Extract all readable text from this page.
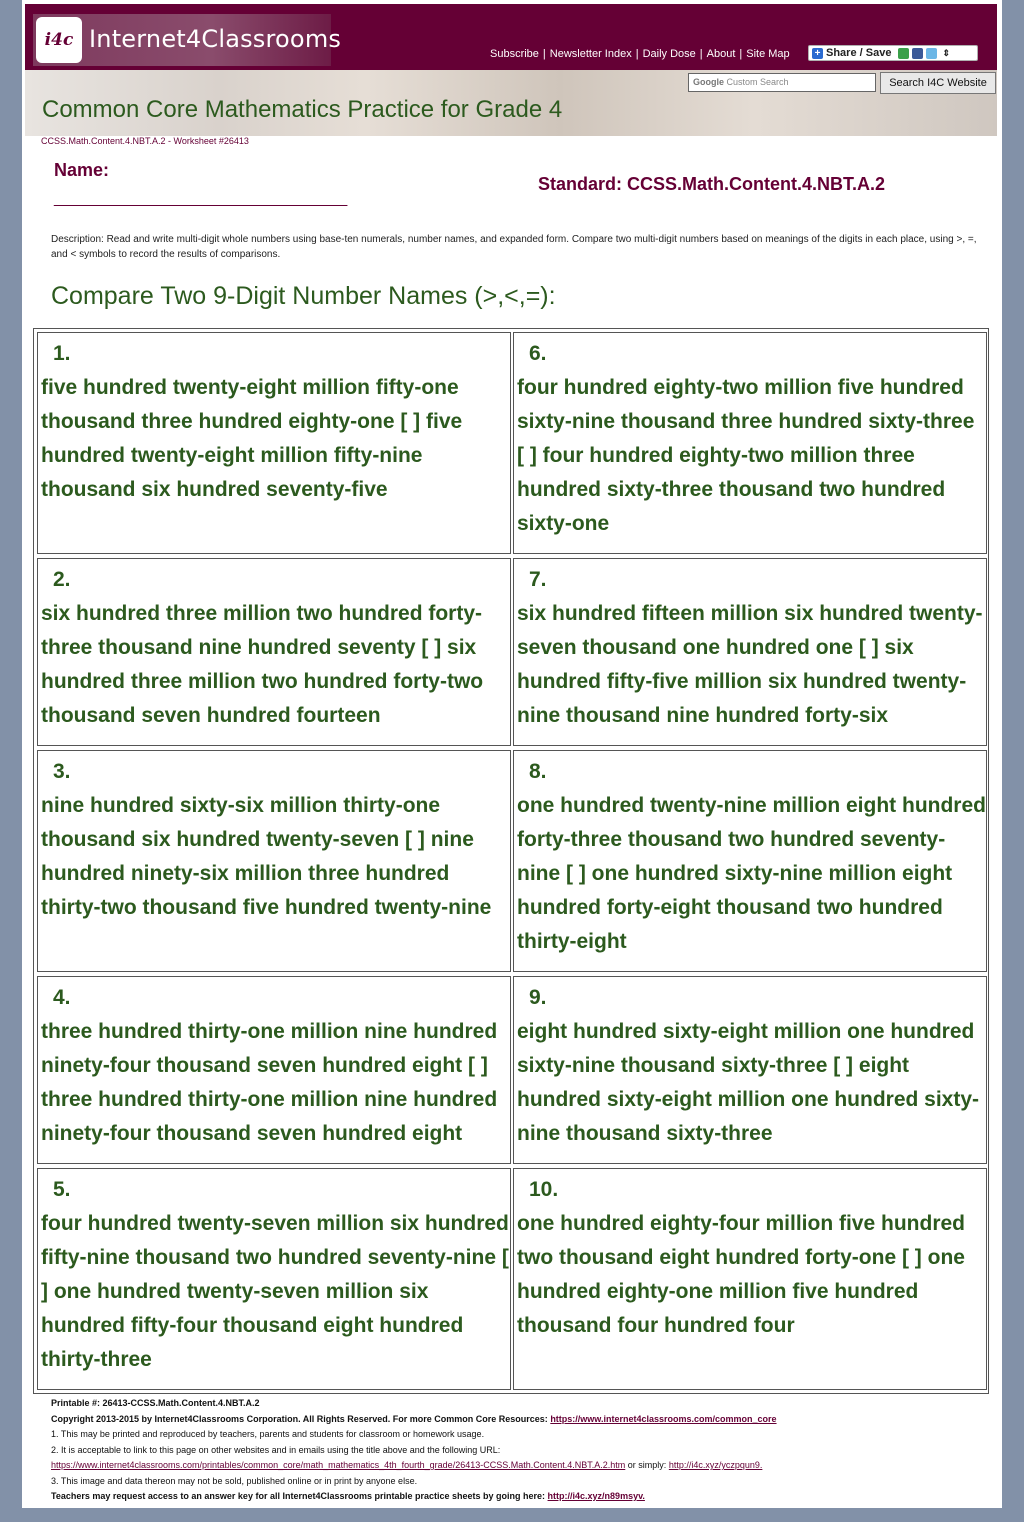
i4c Internet4Classrooms
Subscribe | Newsletter Index | Daily Dose | About | Site Map + Share / Save	⇕
Google Custom Search	Search I4C Website
Common Core Mathematics Practice for Grade 4
CCSS.Math.Content.4.NBT.A.2 - Worksheet #26413
Name:
_____________________________________
Standard: CCSS.Math.Content.4.NBT.A.2
Description: Read and write multi-digit whole numbers using base-ten numerals, number names, and expanded form. Compare two multi-digit numbers based on meanings of the digits in each place, using >, =, and < symbols to record the results of comparisons.
Compare Two 9-Digit Number Names (>,<,=):
1.
five hundred twenty-eight million fifty-one thousand three hundred eighty-one [ ] five hundred twenty-eight million fifty-nine thousand six hundred seventy-five
6.
four hundred eighty-two million five hundred sixty-nine thousand three hundred sixty-three [ ] four hundred eighty-two million three hundred sixty-three thousand two hundred sixty-one
2.
six hundred three million two hundred forty-three thousand nine hundred seventy [ ] six hundred three million two hundred forty-two thousand seven hundred fourteen
7.
six hundred fifteen million six hundred twenty-seven thousand one hundred one [ ] six hundred fifty-five million six hundred twenty-nine thousand nine hundred forty-six
3.
nine hundred sixty-six million thirty-one thousand six hundred twenty-seven [ ] nine hundred ninety-six million three hundred thirty-two thousand five hundred twenty-nine
8.
one hundred twenty-nine million eight hundred forty-three thousand two hundred seventy-nine [ ] one hundred sixty-nine million eight hundred forty-eight thousand two hundred thirty-eight
4.
three hundred thirty-one million nine hundred ninety-four thousand seven hundred eight [ ] three hundred thirty-one million nine hundred ninety-four thousand seven hundred eight
9.
eight hundred sixty-eight million one hundred sixty-nine thousand sixty-three [ ] eight hundred sixty-eight million one hundred sixty-nine thousand sixty-three
5.
four hundred twenty-seven million six hundred fifty-nine thousand two hundred seventy-nine [ ] one hundred twenty-seven million six hundred fifty-four thousand eight hundred thirty-three
10.
one hundred eighty-four million five hundred two thousand eight hundred forty-one [ ] one hundred eighty-one million five hundred thousand four hundred four
Printable #: 26413-CCSS.Math.Content.4.NBT.A.2
Copyright 2013-2015 by Internet4Classrooms Corporation. All Rights Reserved. For more Common Core Resources: https://www.internet4classrooms.com/common_core
1. This may be printed and reproduced by teachers, parents and students for classroom or homework usage.
2. It is acceptable to link to this page on other websites and in emails using the title above and the following URL:
https://www.internet4classrooms.com/printables/common_core/math_mathematics_4th_fourth_grade/26413-CCSS.Math.Content.4.NBT.A.2.htm or simply: http://i4c.xyz/yczpqun9.
3. This image and data thereon may not be sold, published online or in print by anyone else.
Teachers may request access to an answer key for all Internet4Classrooms printable practice sheets by going here: http://i4c.xyz/n89msyv.
